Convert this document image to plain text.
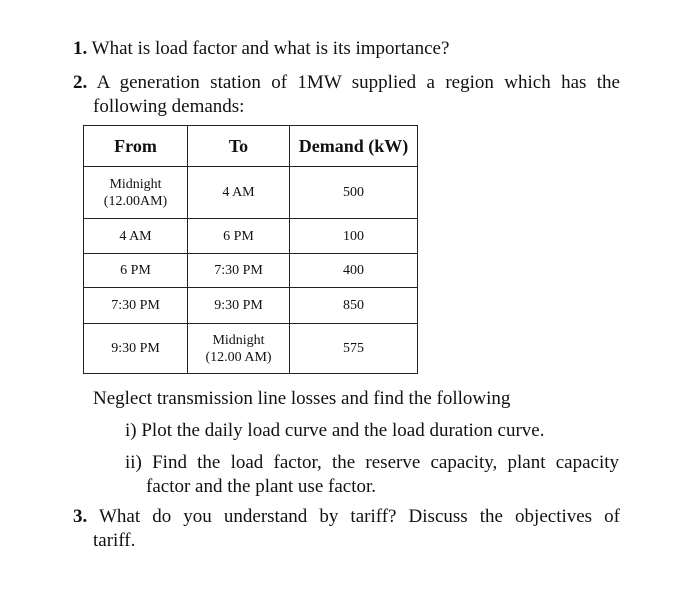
1. What is load factor and what is its importance?
2. A generation station of 1MW supplied a region which has the
following demands:
From	To	Demand (kW)

Midnight
(12.00AM)	4 AM	500
4 AM	6 PM	100
6 PM	7:30 PM	400
7:30 PM	9:30 PM	850
9:30 PM	Midnight
(12.00 AM)	575
Neglect transmission line losses and find the following
i) Plot the daily load curve and the load duration curve.
ii) Find the load factor, the reserve capacity, plant capacity
factor and the plant use factor.
3. What do you understand by tariff? Discuss the objectives of
tariff.
